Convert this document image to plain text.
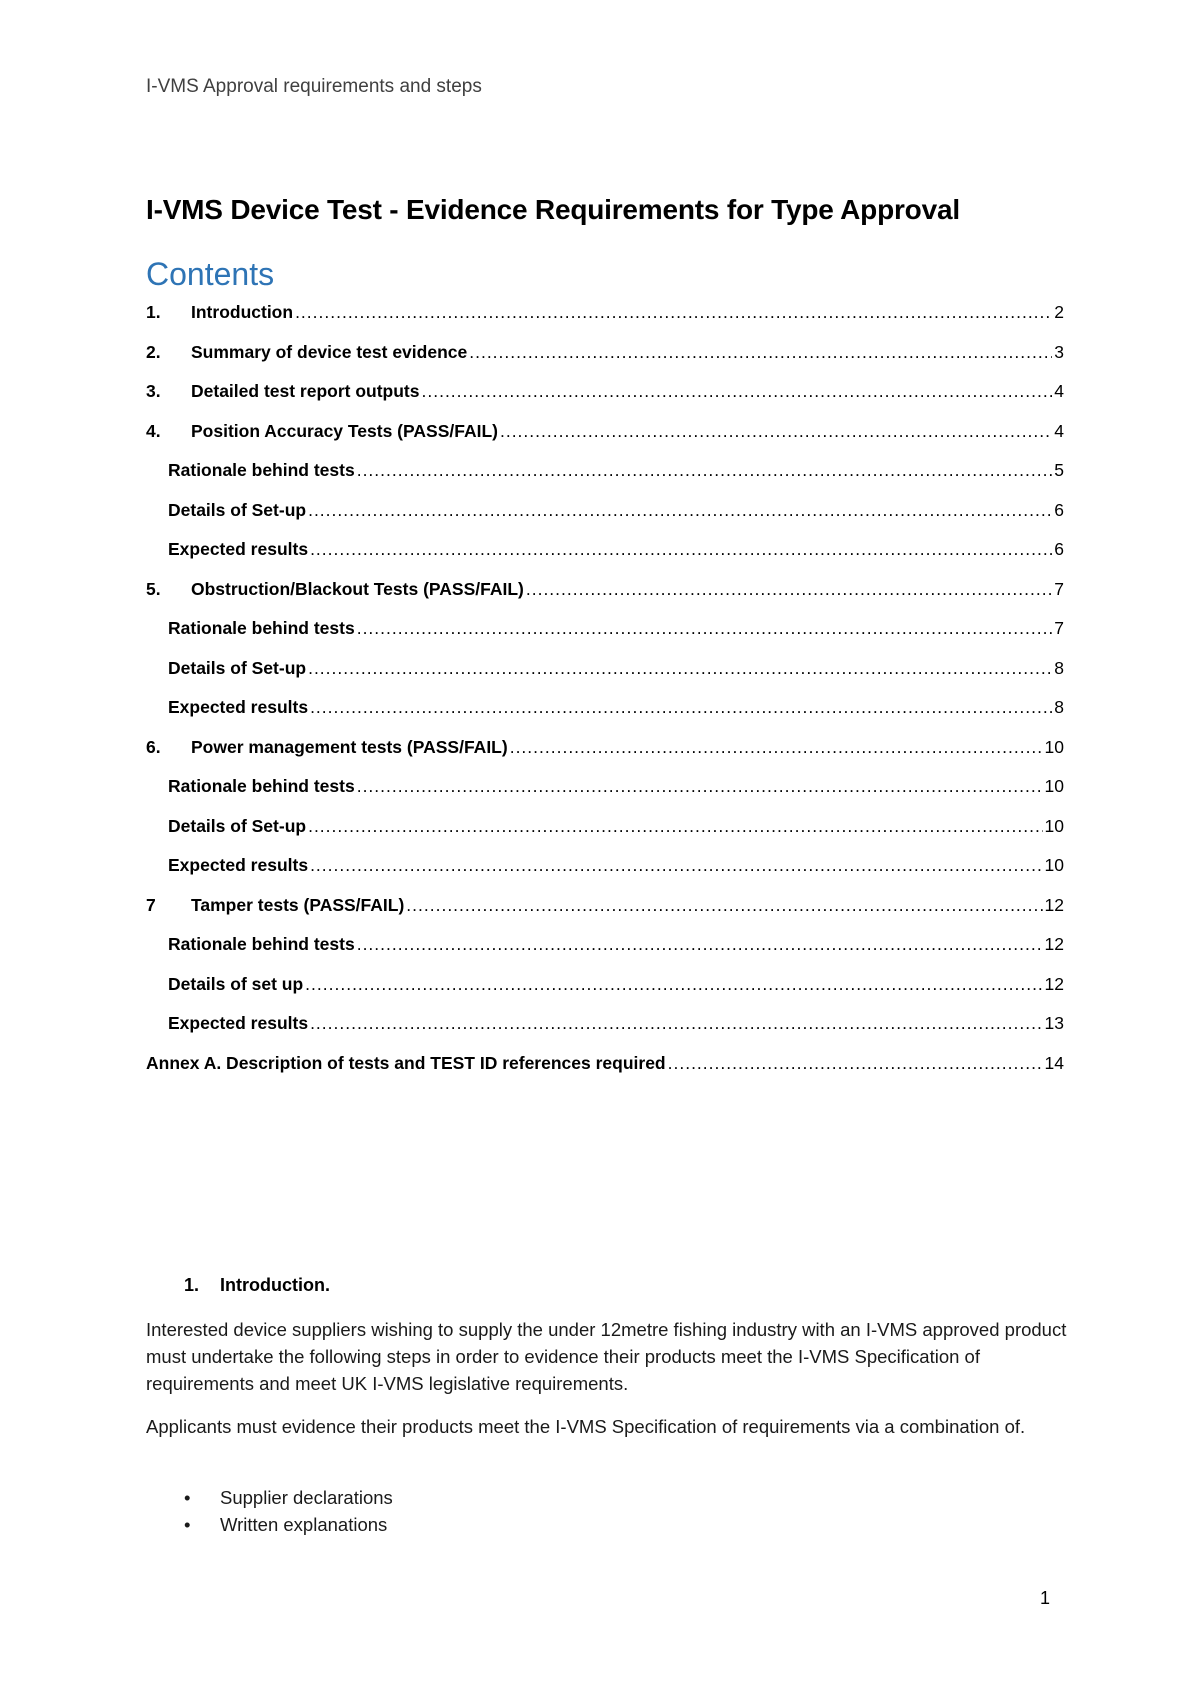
I-VMS Approval requirements and steps
I-VMS Device Test - Evidence Requirements for Type Approval
Contents
1.	Introduction .....	2
2.	Summary of device test evidence .....	3
3.	Detailed test report outputs .....	4
4.	Position Accuracy Tests (PASS/FAIL) .....	4
Rationale behind tests .....	5
Details of Set-up .....	6
Expected results .....	6
5.	Obstruction/Blackout Tests (PASS/FAIL) .....	7
Rationale behind tests .....	7
Details of Set-up .....	8
Expected results .....	8
6.	Power management tests (PASS/FAIL) .....	10
Rationale behind tests .....	10
Details of Set-up .....	10
Expected results .....	10
7	Tamper tests (PASS/FAIL) .....	12
Rationale behind tests .....	12
Details of set up .....	12
Expected results .....	13
Annex A. Description of tests and TEST ID references required .....	14
1. Introduction.
Interested device suppliers wishing to supply the under 12metre fishing industry with an I-VMS approved product must undertake the following steps in order to evidence their products meet the I-VMS Specification of requirements and meet UK I-VMS legislative requirements.
Applicants must evidence their products meet the I-VMS Specification of requirements via a combination of.
•	Supplier declarations
•	Written explanations
1
